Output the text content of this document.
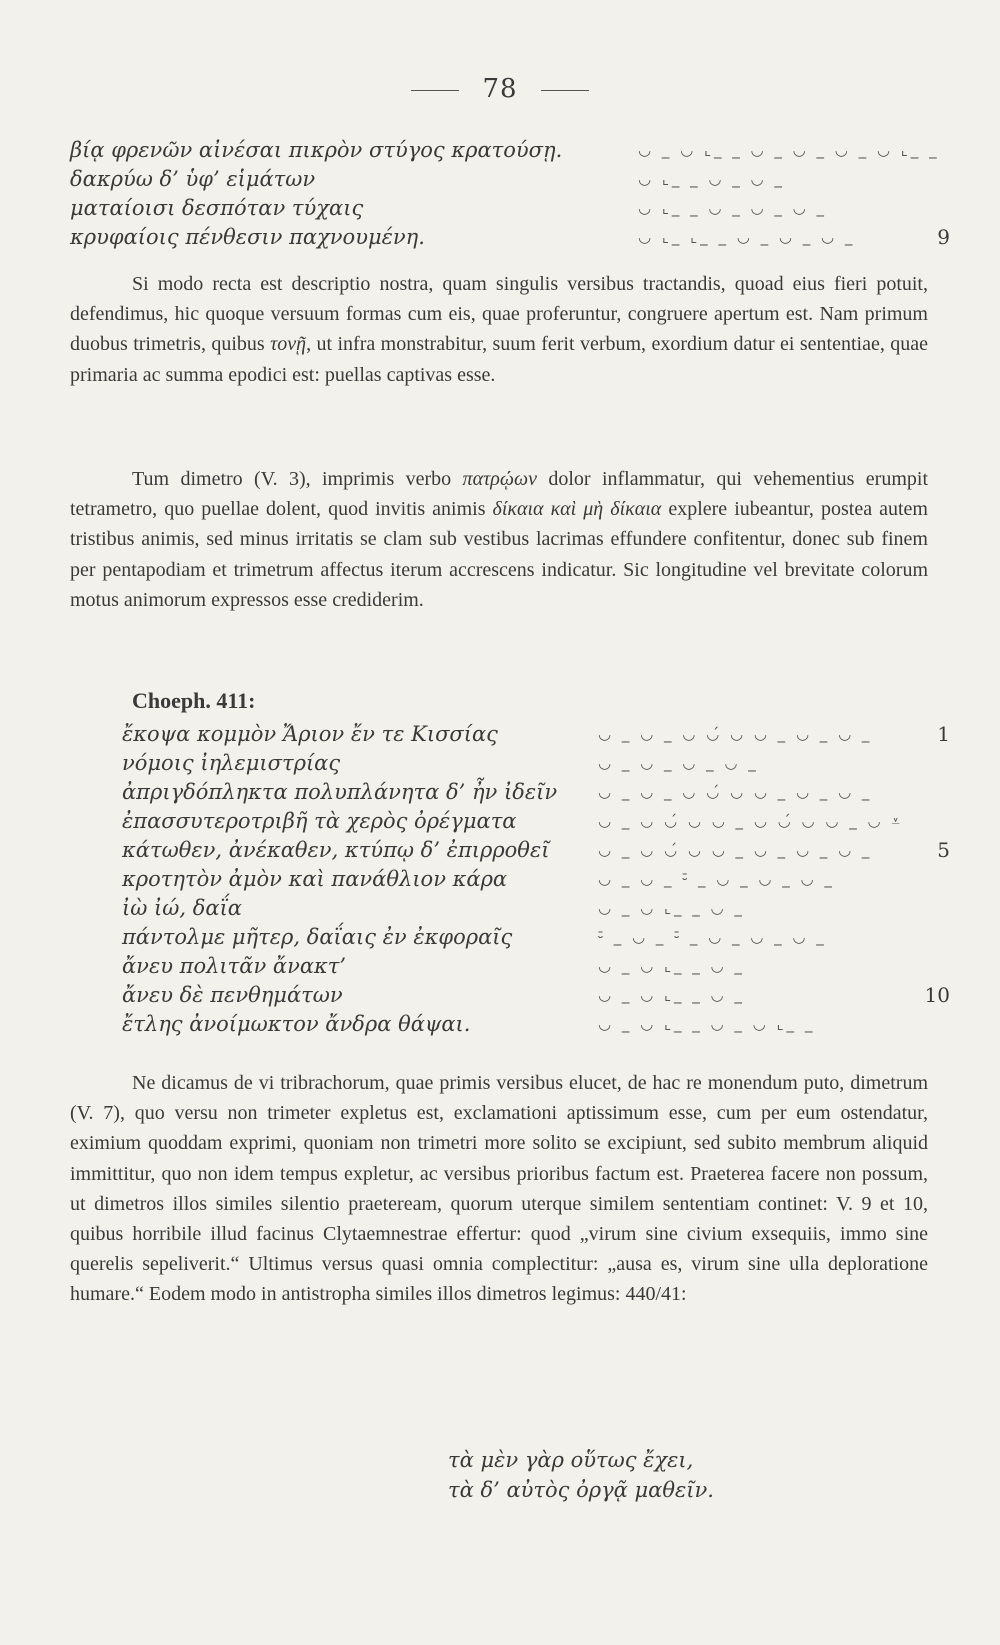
78
βίᾳ φρενῶν αἰνέσαι πικρὸν στύγος κρατούσῃ.	◡ _ ◡ ⌞_ _ ◡ _ ◡ _ ◡ _ ◡ ⌞_ _
δακρύω δ’ ὑφ’ εἱμάτων	◡ ⌞_ _ ◡ _ ◡ _
ματαίοισι δεσπόταν τύχαις	◡ ⌞_ _ ◡ _ ◡ _ ◡ _
κρυφαίοις πένθεσιν παχνουμένη.	◡ ⌞_ ⌞_ _ ◡ _ ◡ _ ◡ _	9
Si modo recta est descriptio nostra, quam singulis versibus tractandis, quoad eius fieri potuit, defendimus, hic quoque versuum formas cum eis, quae proferuntur, congruere apertum est. Nam primum duobus trimetris, quibus τονῇ, ut infra monstrabitur, suum ferit verbum, exordium datur ei sententiae, quae primaria ac summa epodici est: puellas captivas esse.
Tum dimetro (V. 3), imprimis verbo πατρῴων dolor inflammatur, qui vehementius erumpit tetrametro, quo puellae dolent, quod invitis animis δίκαια καὶ μὴ δίκαια explere iubeantur, postea autem tristibus animis, sed minus irritatis se clam sub vestibus lacrimas effundere confitentur, donec sub finem per pentapodiam et trimetrum affectus iterum accrescens indicatur. Sic longitudine vel brevitate colorum motus animorum expressos esse crediderim.
Choeph. 411:
ἔκοψα κομμὸν Ἄριον ἔν τε Κισσίας	◡ _ ◡ _ ◡ ◡́ ◡ ◡ _ ◡ _ ◡ _	1
νόμοις ἰηλεμιστρίας	◡ _ ◡ _ ◡ _ ◡ _
ἀπριγδόπληκτα πολυπλάνητα δ’ ἦν ἰδεῖν	◡ _ ◡ _ ◡ ◡́ ◡ ◡ _ ◡ _ ◡ _
ἐπασσυτεροτριβῆ τὰ χερὸς ὀρέγματα	◡ _ ◡ ◡́ ◡ ◡ _ ◡ ◡́ ◡ ◡ _ ◡ ⩡
κάτωθεν, ἀνέκαθεν, κτύπῳ δ’ ἐπιρροθεῖ	◡ _ ◡ ◡́ ◡ ◡ _ ◡ _ ◡ _ ◡ _	5
κροτητὸν ἀμὸν καὶ πανάθλιον κάρα	◡ _ ◡ _ ⏑̄ _ ◡ _ ◡ _ ◡ _
ἰὼ ἰώ, δαΐα	◡ _ ◡ ⌞_ _ ◡ _
πάντολμε μῆτερ, δαΐαις ἐν ἐκφοραῖς	⏑̄ _ ◡ _ ⏑̄ _ ◡ _ ◡ _ ◡ _
ἄνευ πολιτᾶν ἄνακτ’	◡ _ ◡ ⌞_ _ ◡ _
ἄνευ δὲ πενθημάτων	◡ _ ◡ ⌞_ _ ◡ _	10
ἔτλης ἀνοίμωκτον ἄνδρα θάψαι.	◡ _ ◡ ⌞_ _ ◡ _ ◡ ⌞_ _
Ne dicamus de vi tribrachorum, quae primis versibus elucet, de hac re monendum puto, dimetrum (V. 7), quo versu non trimeter expletus est, exclamationi aptissimum esse, cum per eum ostendatur, eximium quoddam exprimi, quoniam non trimetri more solito se excipiunt, sed subito membrum aliquid immittitur, quo non idem tempus expletur, ac versibus prioribus factum est. Praeterea facere non possum, ut dimetros illos similes silentio praeteream, quorum uterque similem sententiam continet: V. 9 et 10, quibus horribile illud facinus Clytaemnestrae effertur: quod „virum sine civium exsequiis, immo sine querelis sepeliverit.“ Ultimus versus quasi omnia complectitur: „ausa es, virum sine ulla deploratione humare.“ Eodem modo in antistropha similes illos dimetros legimus: 440/41:
τὰ μὲν γὰρ οὕτως ἔχει,
τὰ δ’ αὐτὸς ὀργᾷ μαθεῖν.
